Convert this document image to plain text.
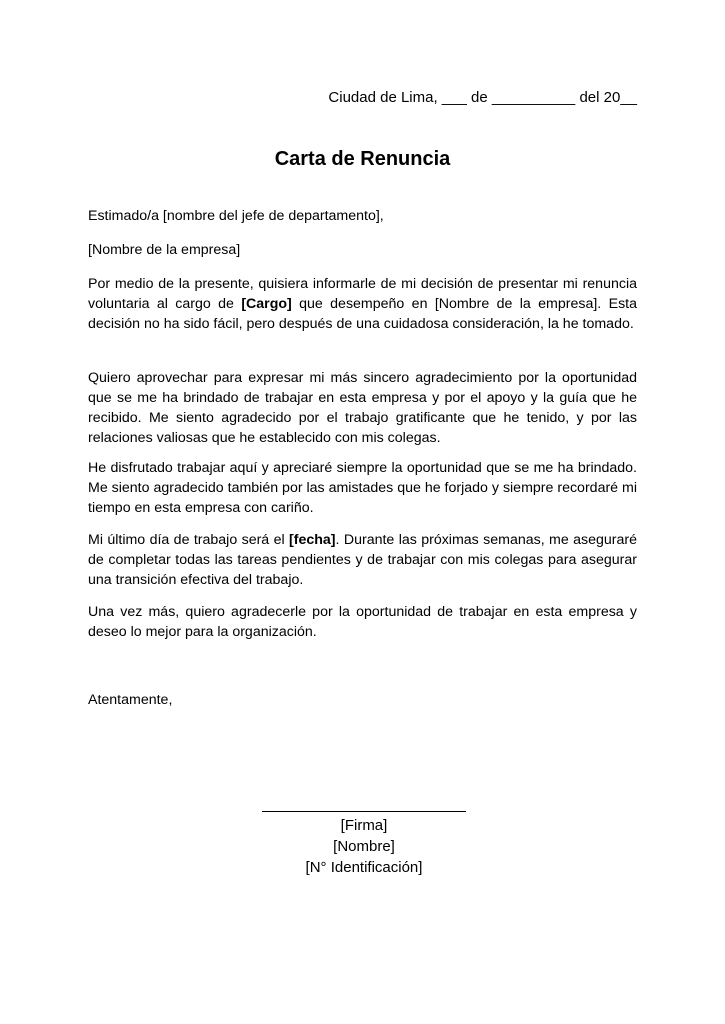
Ciudad de Lima, ___ de __________ del 20__
Carta de Renuncia

Estimado/a [nombre del jefe de departamento],

[Nombre de la empresa]

Por medio de la presente, quisiera informarle de mi decisión de presentar mi renuncia voluntaria al cargo de [Cargo] que desempeño en [Nombre de la empresa]. Esta decisión no ha sido fácil, pero después de una cuidadosa consideración, la he tomado.

Quiero aprovechar para expresar mi más sincero agradecimiento por la oportunidad que se me ha brindado de trabajar en esta empresa y por el apoyo y la guía que he recibido. Me siento agradecido por el trabajo gratificante que he tenido, y por las relaciones valiosas que he establecido con mis colegas.

He disfrutado trabajar aquí y apreciaré siempre la oportunidad que se me ha brindado. Me siento agradecido también por las amistades que he forjado y siempre recordaré mi tiempo en esta empresa con cariño.

Mi último día de trabajo será el [fecha]. Durante las próximas semanas, me aseguraré de completar todas las tareas pendientes y de trabajar con mis colegas para asegurar una transición efectiva del trabajo.

Una vez más, quiero agradecerle por la oportunidad de trabajar en esta empresa y deseo lo mejor para la organización.

Atentamente,

[Firma]
[Nombre]
[N° Identificación]
